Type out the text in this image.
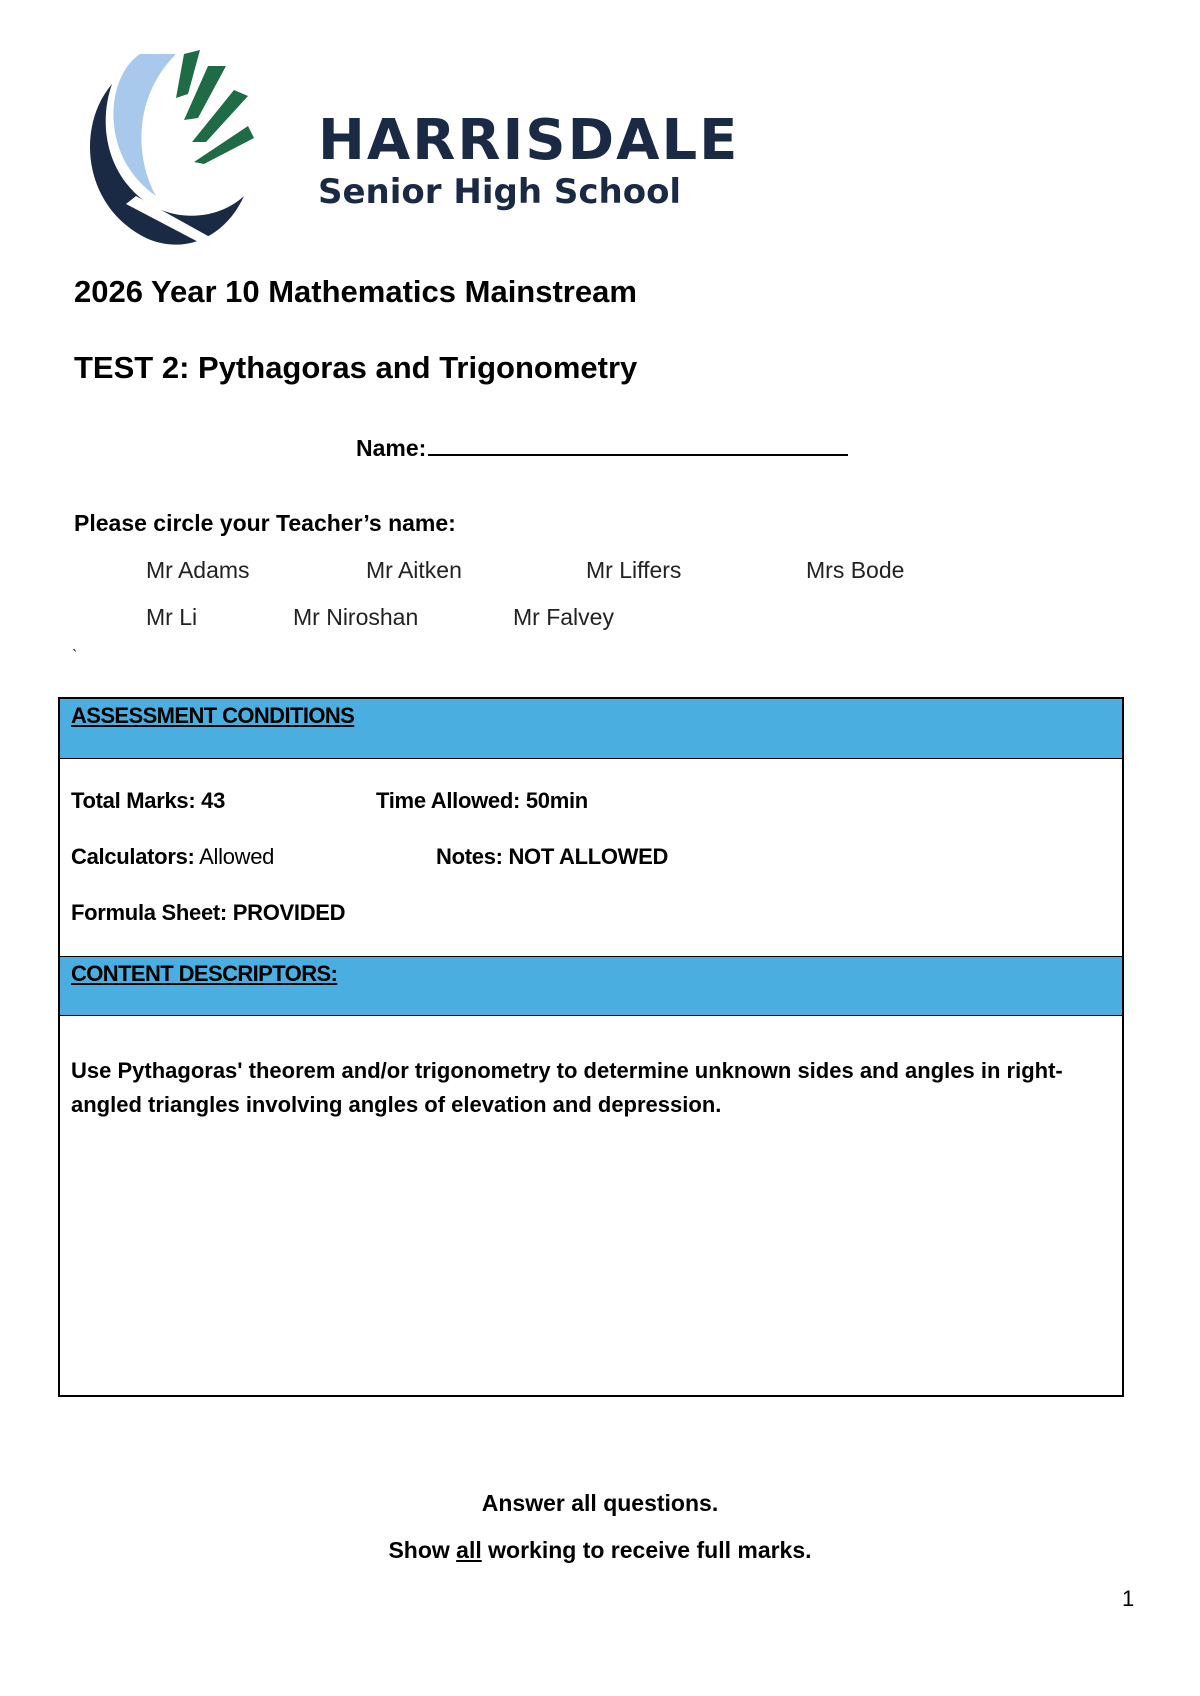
HARRISDALE
Senior High School
2026 Year 10 Mathematics Mainstream
TEST 2: Pythagoras and Trigonometry
Name:
Please circle your Teacher’s name:
Mr Adams	Mr Aitken	Mr Liffers	Mrs Bode
Mr Li	Mr Niroshan	Mr Falvey
`
ASSESSMENT CONDITIONS
Total Marks: 43	Time Allowed: 50min
Calculators: Allowed	Notes: NOT ALLOWED
Formula Sheet: PROVIDED
CONTENT DESCRIPTORS:
Use Pythagoras' theorem and/or trigonometry to determine unknown sides and angles in right-angled triangles involving angles of elevation and depression.
Answer all questions.
Show all working to receive full marks.
1
